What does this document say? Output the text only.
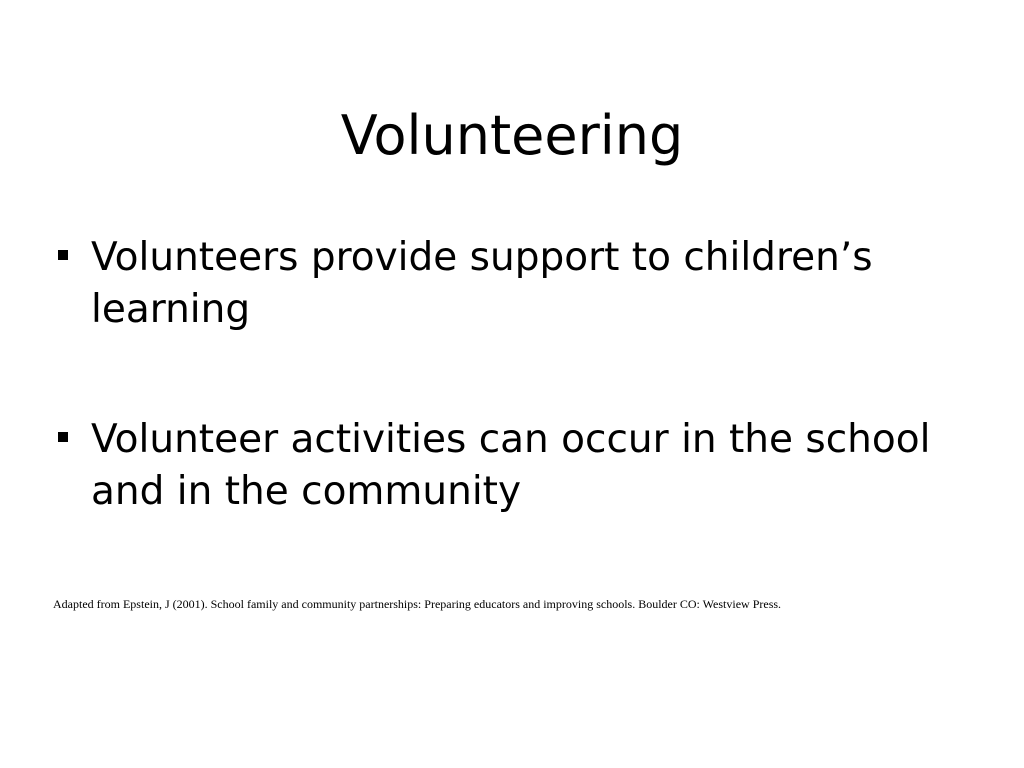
Volunteering
Volunteers provide support to children’s learning
Volunteer activities can occur in the school and in the community
Adapted from Epstein, J (2001). School family and community partnerships: Preparing educators and improving schools. Boulder CO: Westview Press.
